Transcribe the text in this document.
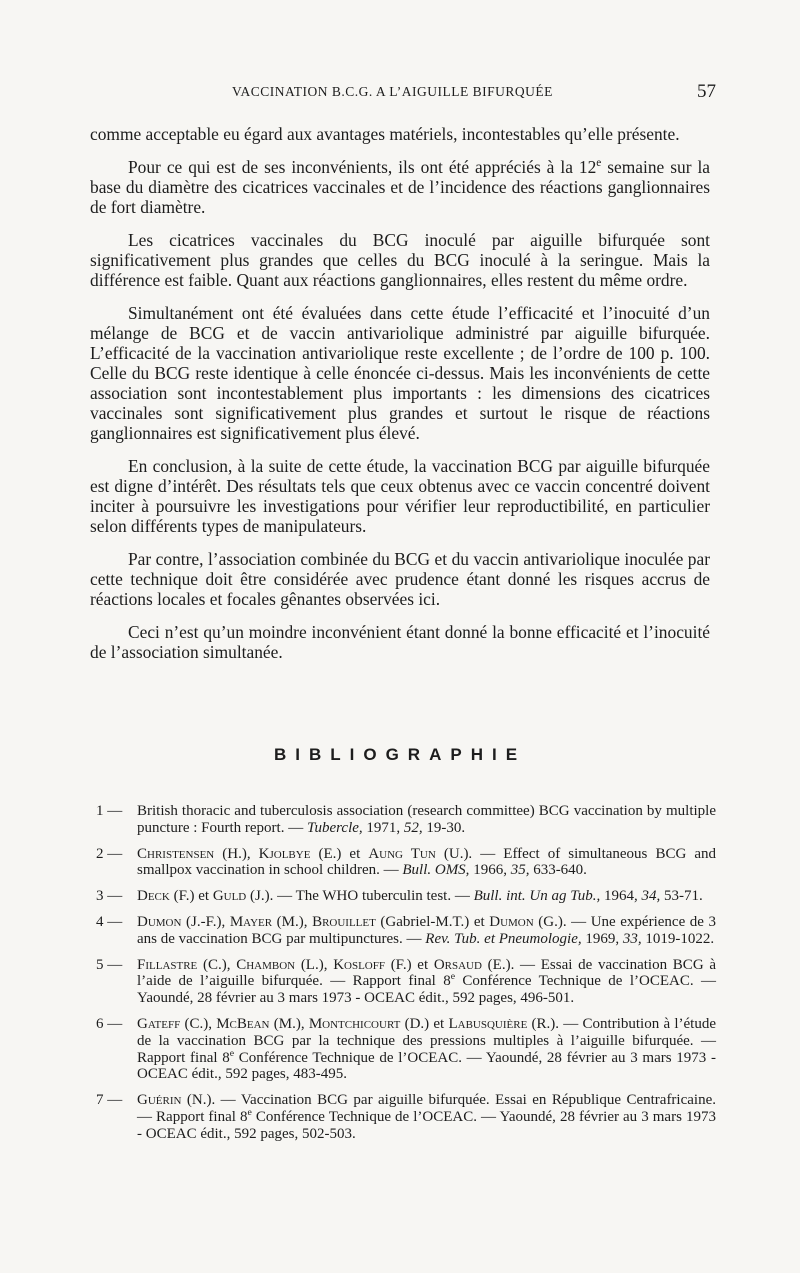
VACCINATION B.C.G. A L’AIGUILLE BIFURQUÉE	57

comme acceptable eu égard aux avantages matériels, incontestables qu’elle présente.

Pour ce qui est de ses inconvénients, ils ont été appréciés à la 12e semaine sur la base du diamètre des cicatrices vaccinales et de l’incidence des réactions ganglionnaires de fort diamètre.

Les cicatrices vaccinales du BCG inoculé par aiguille bifurquée sont significativement plus grandes que celles du BCG inoculé à la seringue. Mais la différence est faible. Quant aux réactions ganglionnaires, elles restent du même ordre.

Simultanément ont été évaluées dans cette étude l’efficacité et l’inocuité d’un mélange de BCG et de vaccin antivariolique administré par aiguille bifurquée. L’efficacité de la vaccination antivariolique reste excellente ; de l’ordre de 100 p. 100. Celle du BCG reste identique à celle énoncée ci-dessus. Mais les inconvénients de cette association sont incontestablement plus importants : les dimensions des cicatrices vaccinales sont significativement plus grandes et surtout le risque de réactions ganglionnaires est significativement plus élevé.

En conclusion, à la suite de cette étude, la vaccination BCG par aiguille bifurquée est digne d’intérêt. Des résultats tels que ceux obtenus avec ce vaccin concentré doivent inciter à poursuivre les investigations pour vérifier leur reproductibilité, en particulier selon différents types de manipulateurs.

Par contre, l’association combinée du BCG et du vaccin antivariolique inoculée par cette technique doit être considérée avec prudence étant donné les risques accrus de réactions locales et focales gênantes observées ici.

Ceci n’est qu’un moindre inconvénient étant donné la bonne efficacité et l’inocuité de l’association simultanée.

BIBLIOGRAPHIE
1 — British thoracic and tuberculosis association (research committee) BCG vaccination by multiple puncture : Fourth report. — Tubercle, 1971, 52, 19-30.
2 — Christensen (H.), Kjolbye (E.) et Aung Tun (U.). — Effect of simultaneous BCG and smallpox vaccination in school children. — Bull. OMS, 1966, 35, 633-640.
3 — Deck (F.) et Guld (J.). — The WHO tuberculin test. — Bull. int. Un ag Tub., 1964, 34, 53-71.
4 — Dumon (J.-F.), Mayer (M.), Brouillet (Gabriel-M.T.) et Dumon (G.). — Une expérience de 3 ans de vaccination BCG par multipunctures. — Rev. Tub. et Pneumologie, 1969, 33, 1019-1022.
5 — Fillastre (C.), Chambon (L.), Kosloff (F.) et Orsaud (E.). — Essai de vaccination BCG à l’aide de l’aiguille bifurquée. — Rapport final 8e Conférence Technique de l’OCEAC. — Yaoundé, 28 février au 3 mars 1973 - OCEAC édit., 592 pages, 496-501.
6 — Gateff (C.), McBean (M.), Montchicourt (D.) et Labusquière (R.). — Contribution à l’étude de la vaccination BCG par la technique des pressions multiples à l’aiguille bifurquée. — Rapport final 8e Conférence Technique de l’OCEAC. — Yaoundé, 28 février au 3 mars 1973 - OCEAC édit., 592 pages, 483-495.
7 — Guérin (N.). — Vaccination BCG par aiguille bifurquée. Essai en République Centrafricaine. — Rapport final 8e Conférence Technique de l’OCEAC. — Yaoundé, 28 février au 3 mars 1973 - OCEAC édit., 592 pages, 502-503.
